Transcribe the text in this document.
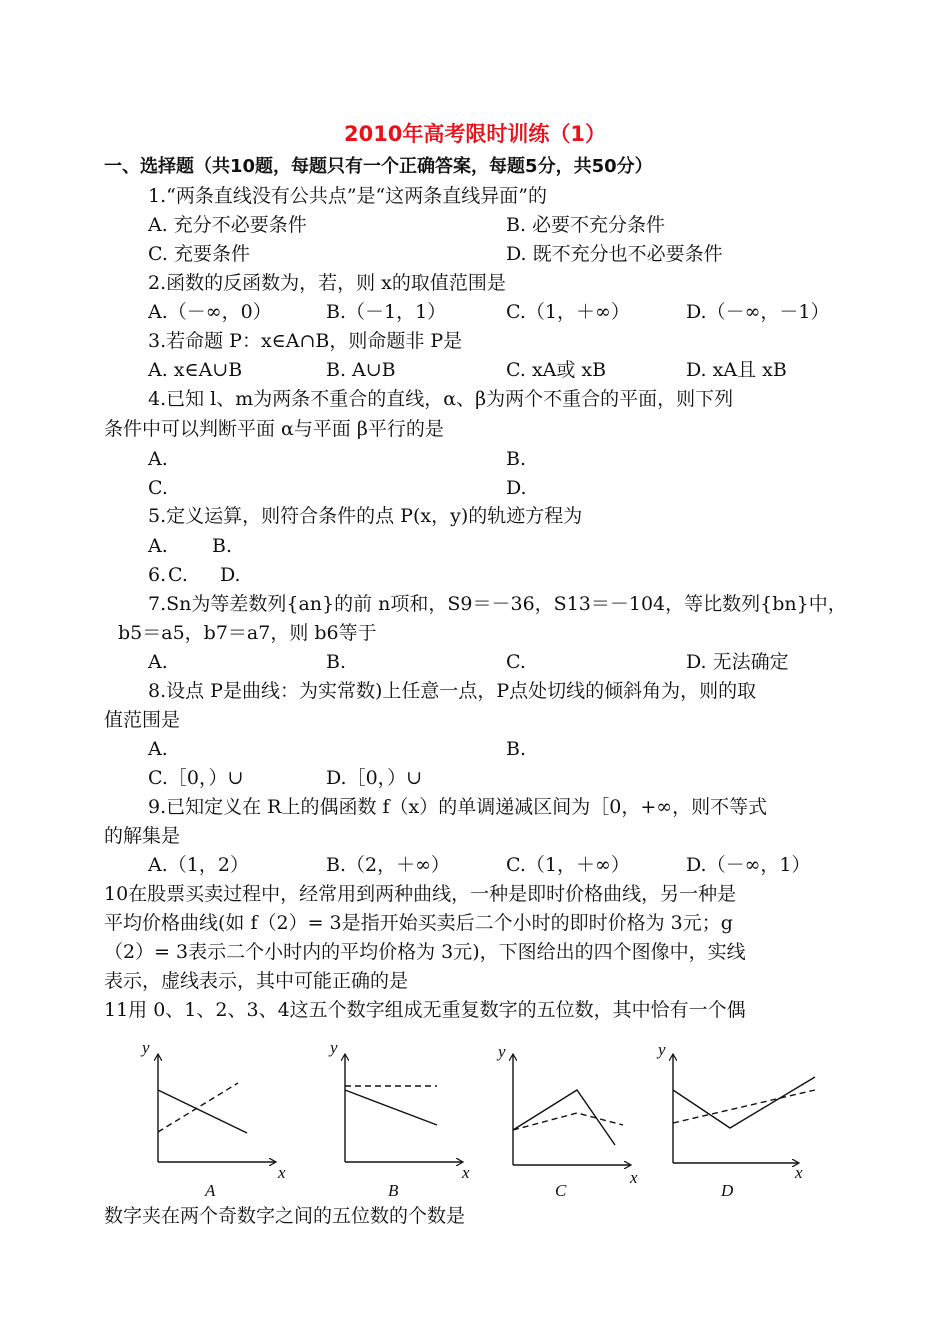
2010年高考限时训练（1）
一、选择题（共10题，每题只有一个正确答案，每题5分，共50分）
1.“两条直线没有公共点”是“这两条直线异面”的
A. 充分不必要条件	B. 必要不充分条件
C. 充要条件	D. 既不充分也不必要条件
2.函数的反函数为，若，则 x的取值范围是
A.（－∞，0）	B.（－1，1）	C.（1，＋∞）	D.（－∞，－1）
3.若命题 P：x∈A∩B，则命题非 P是
A. x∈A∪B	B. A∪B	C. xA或 xB	D. xA且 xB
4.已知 l、m为两条不重合的直线，α、β为两个不重合的平面，则下列
条件中可以判断平面 α与平面 β平行的是
A.	B.
C.	D.
5.定义运算，则符合条件的点 P(x，y)的轨迹方程为
A. B.
6. C. D.
7.Sn为等差数列{an}的前 n项和，S9＝－36，S13＝－104，等比数列{bn}中，
b5＝a5，b7＝a7，则 b6等于
A.	B.	C.	D. 无法确定
8.设点 P是曲线：为实常数)上任意一点，P点处切线的倾斜角为，则的取
值范围是
A.	B.
C.［0，）∪	D.［0，）∪
9.已知定义在 R上的偶函数 f（x）的单调递减区间为［0，+∞，则不等式
的解集是
A.（1，2）	B.（2，＋∞）	C.（1，＋∞）	D.（－∞，1）
10在股票买卖过程中，经常用到两种曲线，一种是即时价格曲线，另一种是
平均价格曲线(如 f（2）= 3是指开始买卖后二个小时的即时价格为 3元；g
（2）= 3表示二个小时内的平均价格为 3元)，下图给出的四个图像中，实线
表示，虚线表示，其中可能正确的是
11用 0、1、2、3、4这五个数字组成无重复数字的五位数，其中恰有一个偶
y
x
y
x
y
x
y
x
A	B	C	D
数字夹在两个奇数字之间的五位数的个数是
